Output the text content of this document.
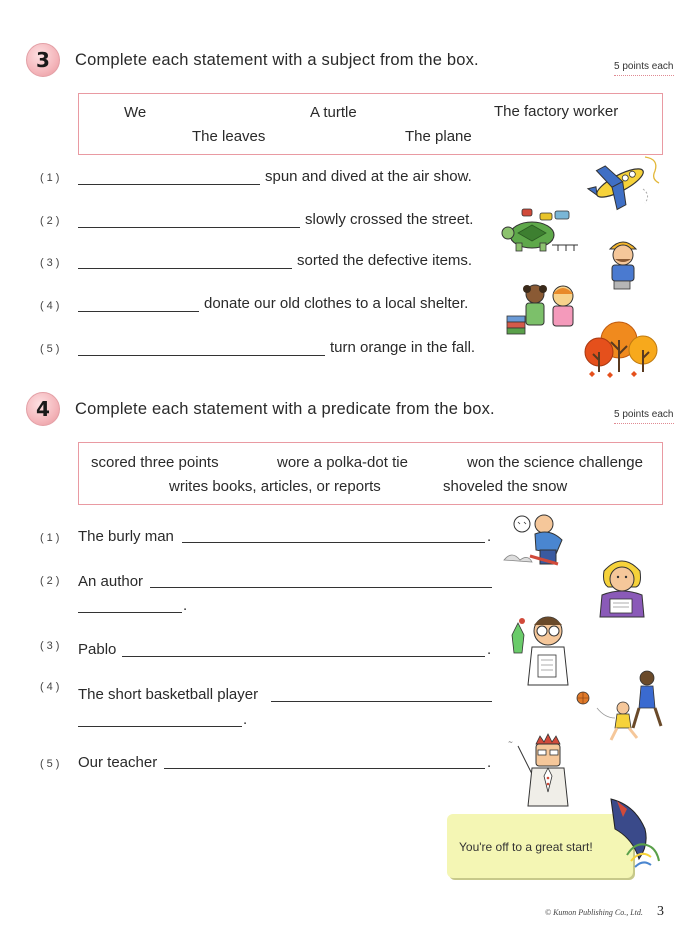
3	Complete each statement with a subject from the box.	5 points each
We	A turtle	The factory worker
The leaves	The plane
(1)	spun and dived at the air show.
(2)	slowly crossed the street.
(3)	sorted the defective items.
(4)	donate our old clothes to a local shelter.
(5)	turn orange in the fall.
4	Complete each statement with a predicate from the box.	5 points each
scored three points	wore a polka-dot tie	won the science challenge
writes books, articles, or reports	shoveled the snow
(1) The burly man	.
(2) An author
.
(3) Pablo	.
(4) The short basketball player
.
(5) Our teacher	.
~
You're off to a great start!
© Kumon Publishing Co., Ltd. 3
